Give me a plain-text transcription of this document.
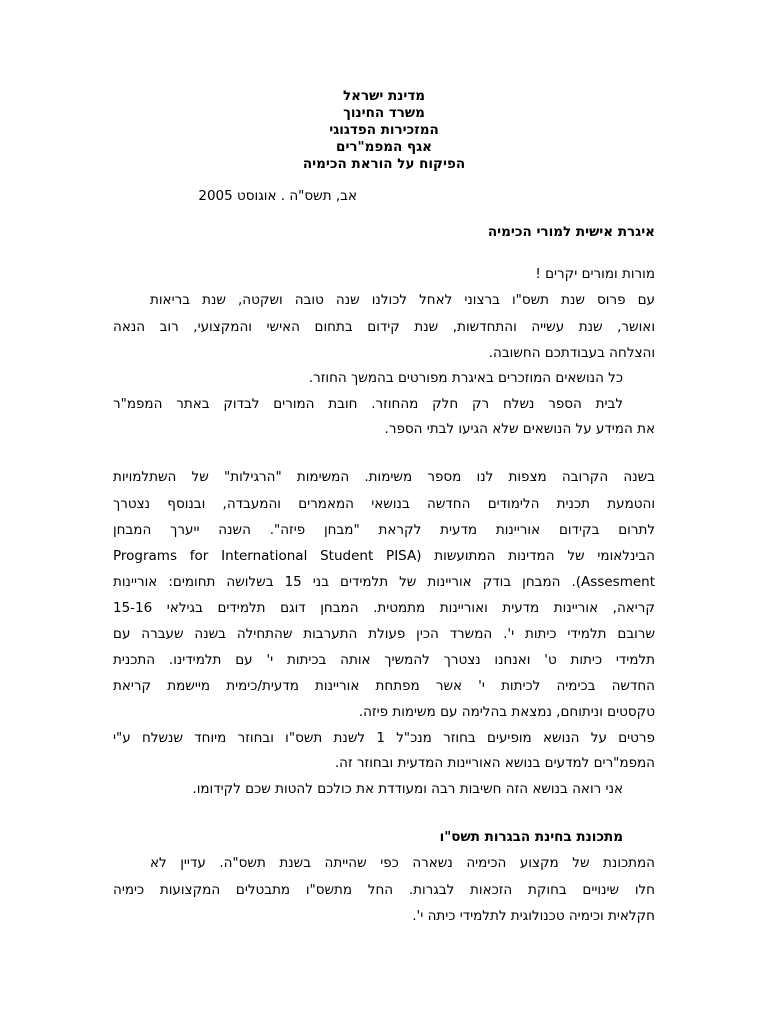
מדינת ישראל
משרד החינוך
המזכירות הפדגוגי
אגף המפמ"רים
הפיקוח על הוראת הכימיה
אב, תשס"ה . אוגוסט 2005
איגרת אישית למורי הכימיה
מורות ומורים יקרים !
עם פרוס שנת תשס"ו ברצוני לאחל לכולנו שנה טובה ושקטה, שנת בריאות
ואושר, שנת עשייה והתחדשות, שנת קידום בתחום האישי והמקצועי, רוב הנאה
והצלחה בעבודתכם החשובה.
כל הנושאים המוזכרים באיגרת מפורטים בהמשך החוזר.
לבית הספר נשלח רק חלק מהחוזר. חובת המורים לבדוק באתר המפמ"ר
את המידע על הנושאים שלא הגיעו לבתי הספר.
בשנה הקרובה מצפות לנו מספר משימות. המשימות "הרגילות" של השתלמויות
והטמעת תכנית הלימודים החדשה בנושאי המאמרים והמעבדה, ובנוסף נצטרך
לתרום בקידום אוריינות מדעית לקראת "מבחן פיזה". השנה ייערך המבחן
הבינלאומי של המדינות המתועשות (Programs for International Student PISA
Assesment). המבחן בודק אוריינות של תלמידים בני 15 בשלושה תחומים: אוריינות
קריאה, אוריינות מדעית ואוריינות מתמטית. המבחן דוגם תלמידים בגילאי 15-16
שרובם תלמידי כיתות י'. המשרד הכין פעולת התערבות שהתחילה בשנה שעברה עם
תלמידי כיתות ט' ואנחנו נצטרך להמשיך אותה בכיתות י' עם תלמידינו. התכנית
החדשה בכימיה לכיתות י' אשר מפתחת אוריינות מדעית/כימית מיישמת קריאת
טקסטים וניתוחם, נמצאת בהלימה עם משימות פיזה.
פרטים על הנושא מופיעים בחוזר מנכ"ל 1 לשנת תשס"ו ובחוזר מיוחד שנשלח ע"י
המפמ"רים למדעים בנושא האוריינות המדעית ובחוזר זה.
אני רואה בנושא הזה חשיבות רבה ומעודדת את כולכם להטות שכם לקידומו.
מתכונת בחינת הבגרות תשס"ו
המתכונת של מקצוע הכימיה נשארה כפי שהייתה בשנת תשס"ה. עדיין לא
חלו שינויים בחוקת הזכאות לבגרות. החל מתשס"ו מתבטלים המקצועות כימיה
חקלאית וכימיה טכנולוגית לתלמידי כיתה י'.
